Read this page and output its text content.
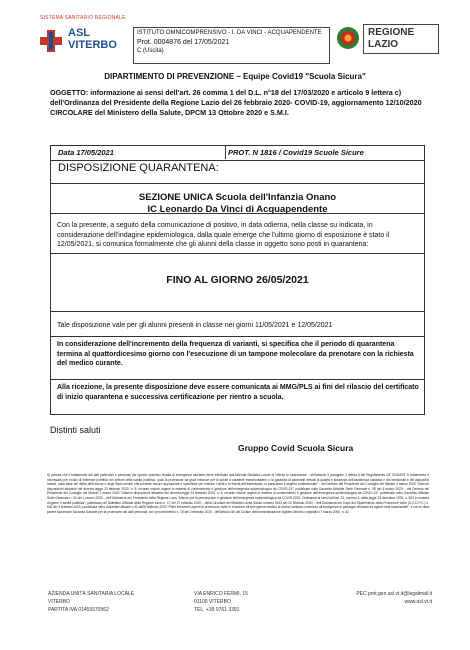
SISTEMA SANITARIO REGIONALE
ASL
VITERBO
ISTITUTO OMNICOMPRENSIVO - I. DA VINCI - ACQUAPENDENTE
Prot. 0004876 del 17/05/2021
C (Uscita)
REGIONE
LAZIO
DIPARTIMENTO DI PREVENZIONE – Equipe Covid19 "Scuola Sicura"
OGGETTO: informazione ai sensi dell'art. 26 comma 1 del D.L. n°18 del 17/03/2020 e articolo 9 lettera c) dell'Ordinanza del Presidente della Regione Lazio del 26 febbraio 2020- COVID-19, aggiornamento 12/10/2020 CIRCOLARE del Ministero della Salute, DPCM 13 Ottobre 2020 e S.M.I.
Data 17/05/2021	PROT. N 1816 / Covid19 Scuole Sicure
DISPOSIZIONE QUARANTENA:
SEZIONE UNICA Scuola dell'Infanzia Onano
IC Leonardo Da Vinci di Acquapendente
Con la presente, a seguito della comunicazione di positivo, in data odierna, nella classe su indicata, in considerazione dell'indagine epidemiologica, dalla quale emerge che l'ultimo giorno di esposizione è stato il 12/05/2021, si comunica formalmente che gli alunni della classe in oggetto sono posti in quarantena:
FINO AL GIORNO 26/05/2021
Tale disposizione vale per gli alunni presenti in classe nei giorni 11/05/2021 e 12/05/2021
In considerazione dell'incremento della frequenza di varianti, si specifica che il periodo di quarantena termina al quattordicesimo giorno con l'esecuzione di un tampone molecolare da prenotare con la richiesta del medico curante.
Alla ricezione, la presente disposizione deve essere comunicata ai MMG/PLS ai fini del rilascio del certificato di inizio quarantena e successiva certificazione per rientro a scuola.
Distinti saluti
Gruppo Covid Scuola Sicura
Si precisa che il trattamento dei dati particolari e personali per questo specifico finalità di emergenza sanitaria viene effettuato dall'Azienda Sanitaria Locale di Viterbo in osservanza: - dell'articolo 9 paragrafo 2 lettera i) del Regolamento UE 2016/679 "il trattamento è necessario per motivi di interesse pubblico nel settore della sanità pubblica, quali la protezione da gravi minacce per la salute a carattere transfrontaliero o la garanzia di parametri elevati di qualità e sicurezza dell'assistenza sanitaria e dei medicinali e dei dispositivi medici, sulla base del diritto dell'Unione o degli Stati membri che prevede misure appropriate e specifiche per tutelare i diritti e le libertà dell'interessato, in particolare il segreto professionale" - del Decreto del Presidente del Consiglio dei Ministri 4 marzo 2020 "Ulteriori disposizioni attuative del decreto-legge 23 febbraio 2020, n. 6, recante misure urgenti in materia di contenimento e gestione dell'emergenza epidemiologica da COVID-19", pubblicato sulla Gazzetta Ufficiale Serie Generale n. 55 del 4 marzo 2020; - del Decreto del Presidente del Consiglio dei Ministri 1 marzo 2020 "Ulteriori disposizioni attuative del decreto-legge 23 febbraio 2020, n. 6, recante misure urgenti in materia di contenimento e gestione dell'emergenza epidemiologica da COVID-19." pubblicato nella Gazzetta Ufficiale Serie Generale n. 52 del 1 marzo 2020; - dell'Ordinanza del Presidente della Regione Lazio "Misure per la prevenzione e gestione dell'emergenza epidemiologica da COVID-2019. Ordinanza ai sensi dell'art. 32, comma 3, della legge 23 dicembre 1978, n. 833 in materia di igiene e sanità pubblica", pubblicato nel Bollettino Ufficiale della Regione Lazio n. 17 del 27 febbraio 2020; - della Circolare del Ministero della Salute numero 5443 del 22 febbraio 2020; - dell'Ordinanza del Capo del Dipartimento della Protezione civile (O.C.D.P.C.) n. 630 del 3 febbraio 2020, pubblicata nella Gazzetta Ufficiale n.32 dell'8 febbraio 2020 "Primi interventi urgenti di protezione civile in relazione all'emergenza relativa al rischio sanitario connesso all'insorgenza di patologie derivanti da agenti virali trasmissibili", e con le data parere favorevole l'Autorità Garante per la protezione dei dati personali, con provvedimento n. 15 del 2 febbraio 2020 - dell'articolo 50 del Codice dell'amministrazione digitale Decreto Legislativo 7 marzo 2005, n. 82
AZIENDA UNITÀ SANITARIA LOCALE
VITERBO
PARTITA IVA 01455570562
VIA ENRICO FERMI, 15
01100 VITERBO
TEL. +39 0761 3391
PEC prot.gen.asl.vt.it@legalmail.it
www.asl.vt.it
